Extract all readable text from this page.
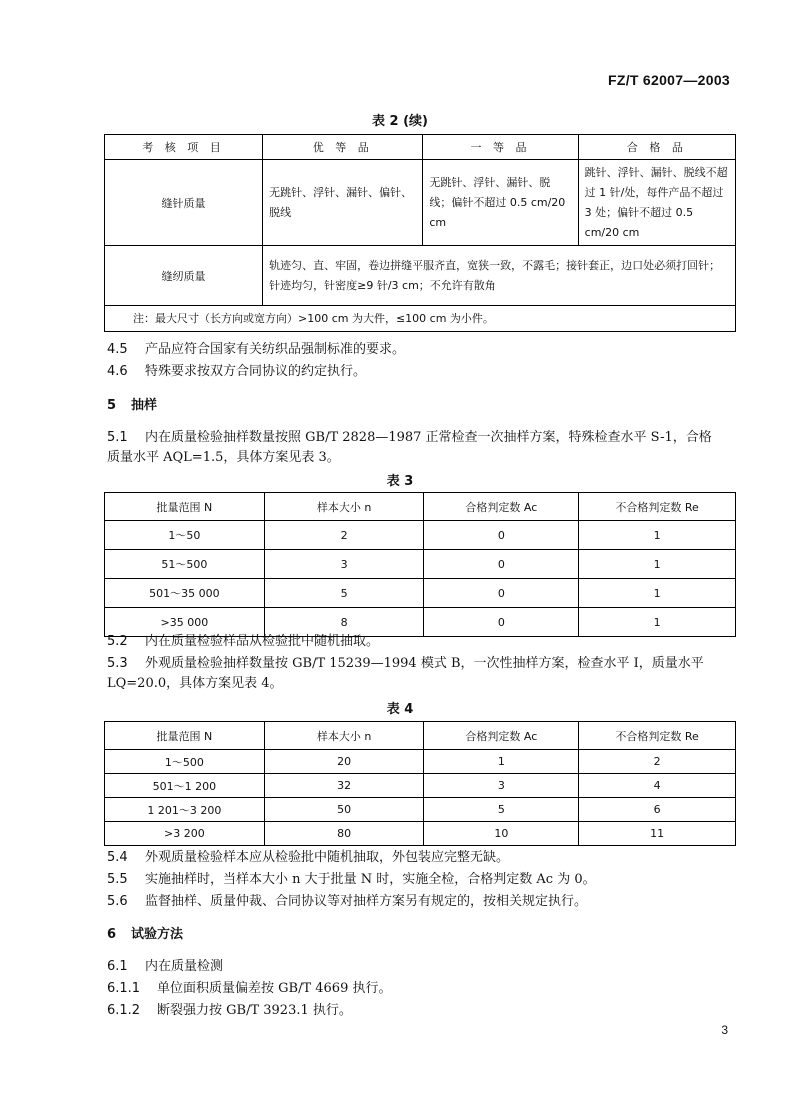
FZ/T 62007—2003
表 2 (续)
考 核 项 目	优 等 品	一 等 品	合 格 品
缝针质量	无跳针、浮针、漏针、偏针、脱线	无跳针、浮针、漏针、脱线；偏针不超过 0.5 cm/20 cm	跳针、浮针、漏针、脱线不超过 1 针/处，每件产品不超过 3 处；偏针不超过 0.5 cm/20 cm

缝纫质量	轨迹匀、直、牢固，卷边拼缝平服齐直，宽狭一致，不露毛；接针套正，边口处必须打回针；针迹均匀，针密度≥9 针/3 cm；不允许有散角		

注：最大尺寸（长方向或宽方向）>100 cm 为大件，≤100 cm 为小件。			
4.5 产品应符合国家有关纺织品强制标准的要求。
4.6 特殊要求按双方合同协议的约定执行。
5 抽样
5.1 内在质量检验抽样数量按照 GB/T 2828—1987 正常检查一次抽样方案，特殊检查水平 S-1，合格
质量水平 AQL=1.5，具体方案见表 3。
表 3
批量范围 N	样本大小 n	合格判定数 Ac	不合格判定数 Re
1～50	2	0	1
51～500	3	0	1
501～35 000	5	0	1
>35 000	8	0	1
5.2 内在质量检验样品从检验批中随机抽取。
5.3 外观质量检验抽样数量按 GB/T 15239—1994 模式 B，一次性抽样方案，检查水平 Ⅰ，质量水平
LQ=20.0，具体方案见表 4。
表 4
批量范围 N	样本大小 n	合格判定数 Ac	不合格判定数 Re
1～500	20	1	2
501～1 200	32	3	4
1 201～3 200	50	5	6
>3 200	80	10	11
5.4 外观质量检验样本应从检验批中随机抽取，外包装应完整无缺。
5.5 实施抽样时，当样本大小 n 大于批量 N 时，实施全检，合格判定数 Ac 为 0。
5.6 监督抽样、质量仲裁、合同协议等对抽样方案另有规定的，按相关规定执行。
6 试验方法
6.1 内在质量检测
6.1.1 单位面积质量偏差按 GB/T 4669 执行。
6.1.2 断裂强力按 GB/T 3923.1 执行。
3
